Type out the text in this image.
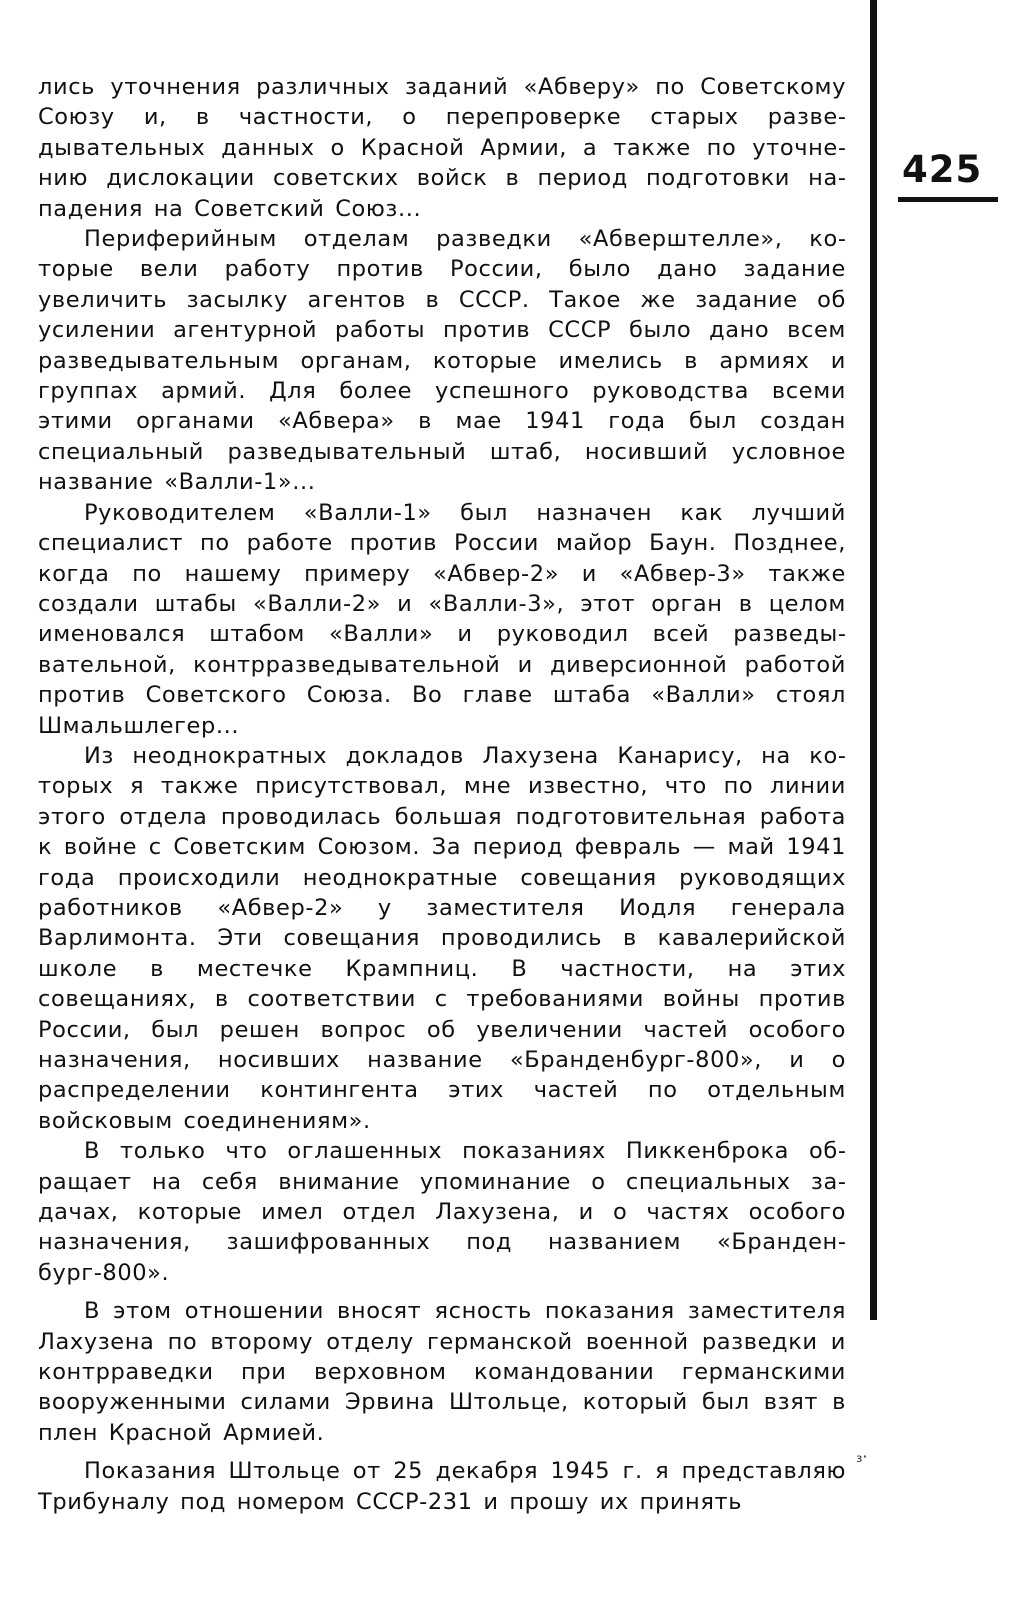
лись уточнения различных заданий «Абверу» по Советскому Союзу и, в частности, о перепроверке старых разведывательных данных о Красной Армии, а также по уточнению дислокации советских войск в период подготовки нападения на Советский Союз...

Периферийным отделам разведки «Абверштелле», которые вели работу против России, было дано задание увеличить засылку агентов в СССР. Такое же задание об усилении агентурной работы против СССР было дано всем разведывательным органам, которые имелись в армиях и группах армий. Для более успешного руководства всеми этими органами «Абвера» в мае 1941 года был создан специальный разведывательный штаб, носивший условное название «Валли-1»...

Руководителем «Валли-1» был назначен как лучший специалист по работе против России майор Баун. Позднее, когда по нашему примеру «Абвер-2» и «Абвер-3» также создали штабы «Валли-2» и «Валли-3», этот орган в целом именовался штабом «Валли» и руководил всей разведывательной, контрразведывательной и диверсионной работой против Советского Союза. Во главе штаба «Валли» стоял Шмальшлегер...

Из неоднократных докладов Лахузена Канарису, на которых я также присутствовал, мне известно, что по линии этого отдела проводилась большая подготовительная работа к войне с Советским Союзом. За период февраль — май 1941 года происходили неоднократные совещания руководящих работников «Абвер-2» у заместителя Иодля генерала Варлимонта. Эти совещания проводились в кавалерийской школе в местечке Крампниц. В частности, на этих совещаниях, в соответствии с требованиями войны против России, был решен вопрос об увеличении частей особого назначения, носивших название «Бранденбург-800», и о распределении контингента этих частей по отдельным войсковым соединениям».

В только что оглашенных показаниях Пиккенброка обращает на себя внимание упоминание о специальных задачах, которые имел отдел Лахузена, и о частях особого назначения, зашифрованных под названием «Бранденбург-800».

В этом отношении вносят ясность показания заместителя Лахузена по второму отделу германской военной разведки и контрраведки при верховном командовании германскими вооруженными силами Эрвина Штольце, который был взят в плен Красной Армией.

Показания Штольце от 25 декабря 1945 г. я представляю Трибуналу под номером СССР-231 и прошу их принять

425
₃·
